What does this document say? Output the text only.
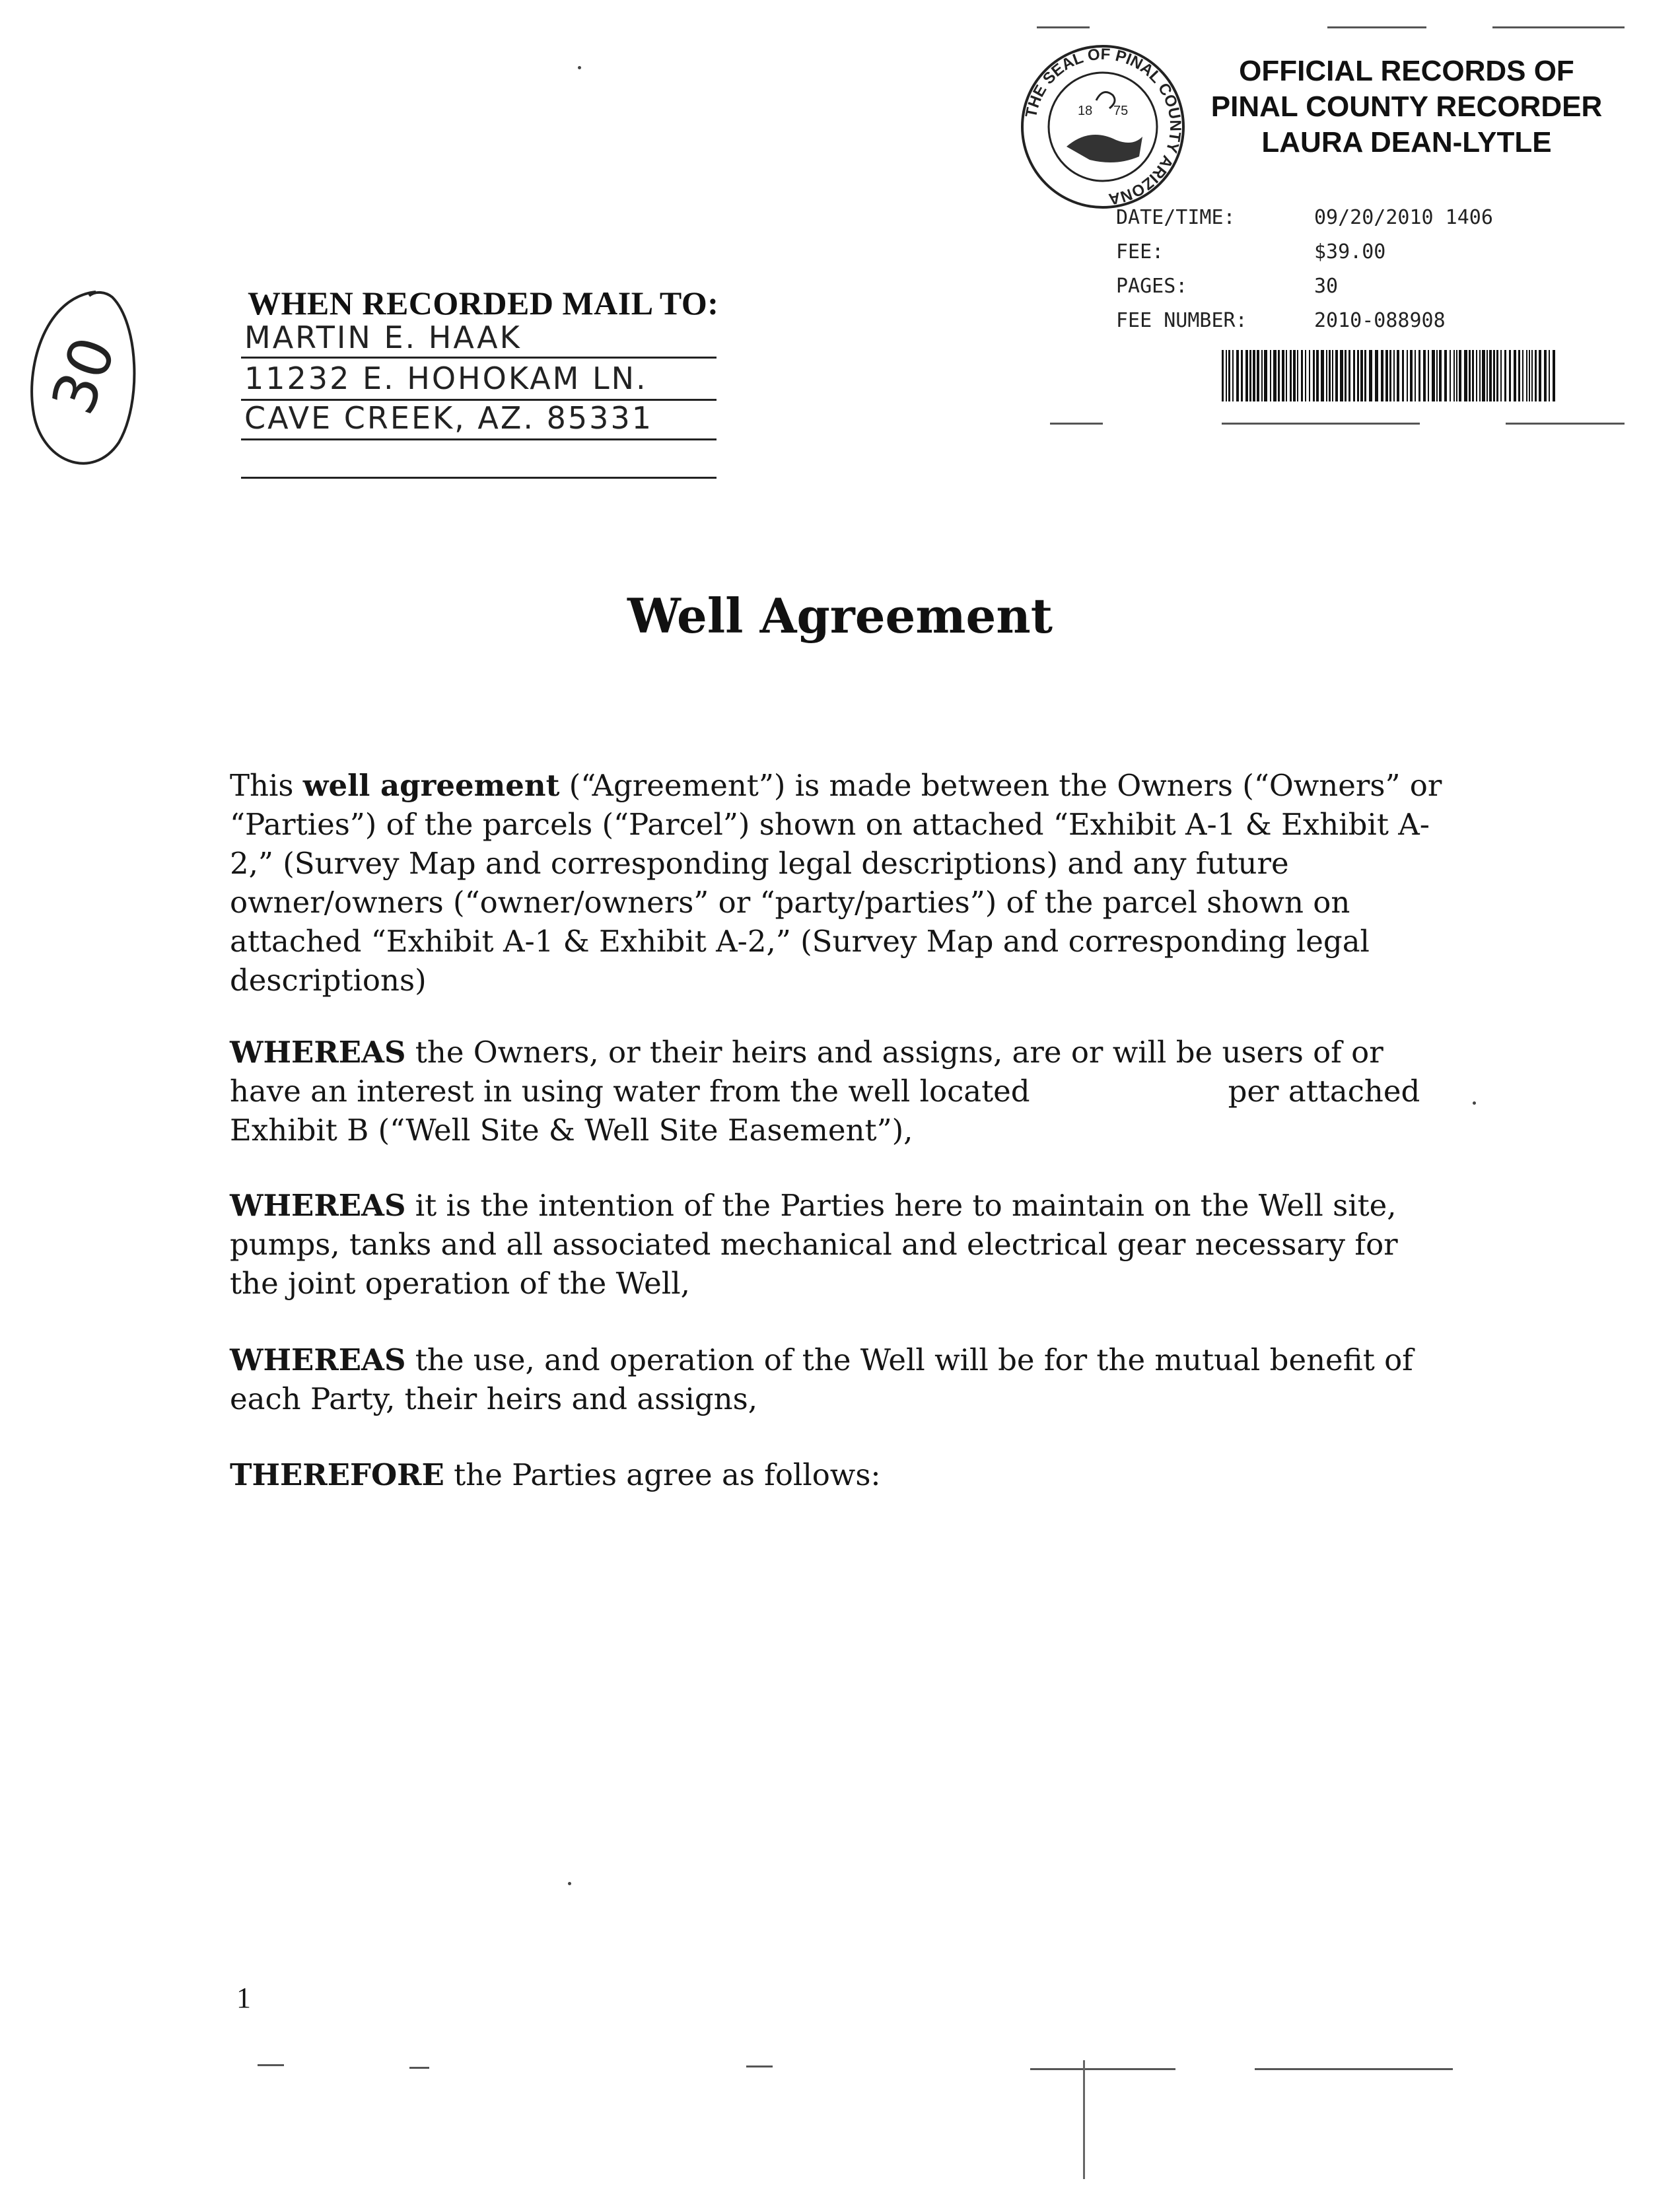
THE SEAL OF PINAL COUNTY ARIZONA
18 75
OFFICIAL RECORDS OF
PINAL COUNTY RECORDER
LAURA DEAN-LYTLE
DATE/TIME:	09/20/2010 1406
FEE:	$39.00
PAGES:	30
FEE NUMBER:	2010-088908
30
WHEN RECORDED MAIL TO:
MARTIN E. HAAK
11232 E. HOHOKAM LN.
CAVE CREEK, AZ. 85331
Well Agreement

This well agreement (“Agreement”) is made between the Owners (“Owners” or

“Parties”) of the parcels (“Parcel”) shown on attached “Exhibit A-1 & Exhibit A-

2,” (Survey Map and corresponding legal descriptions) and any future

owner/owners (“owner/owners” or “party/parties”) of the parcel shown on

attached “Exhibit A-1 & Exhibit A-2,” (Survey Map and corresponding legal

descriptions)

WHEREAS the Owners, or their heirs and assigns, are or will be users of or

have an interest in using water from the well located	per attached

Exhibit B (“Well Site & Well Site Easement”),

WHEREAS it is the intention of the Parties here to maintain on the Well site,

pumps, tanks and all associated mechanical and electrical gear necessary for

the joint operation of the Well,

WHEREAS the use, and operation of the Well will be for the mutual benefit of

each Party, their heirs and assigns,

THEREFORE the Parties agree as follows:

1
